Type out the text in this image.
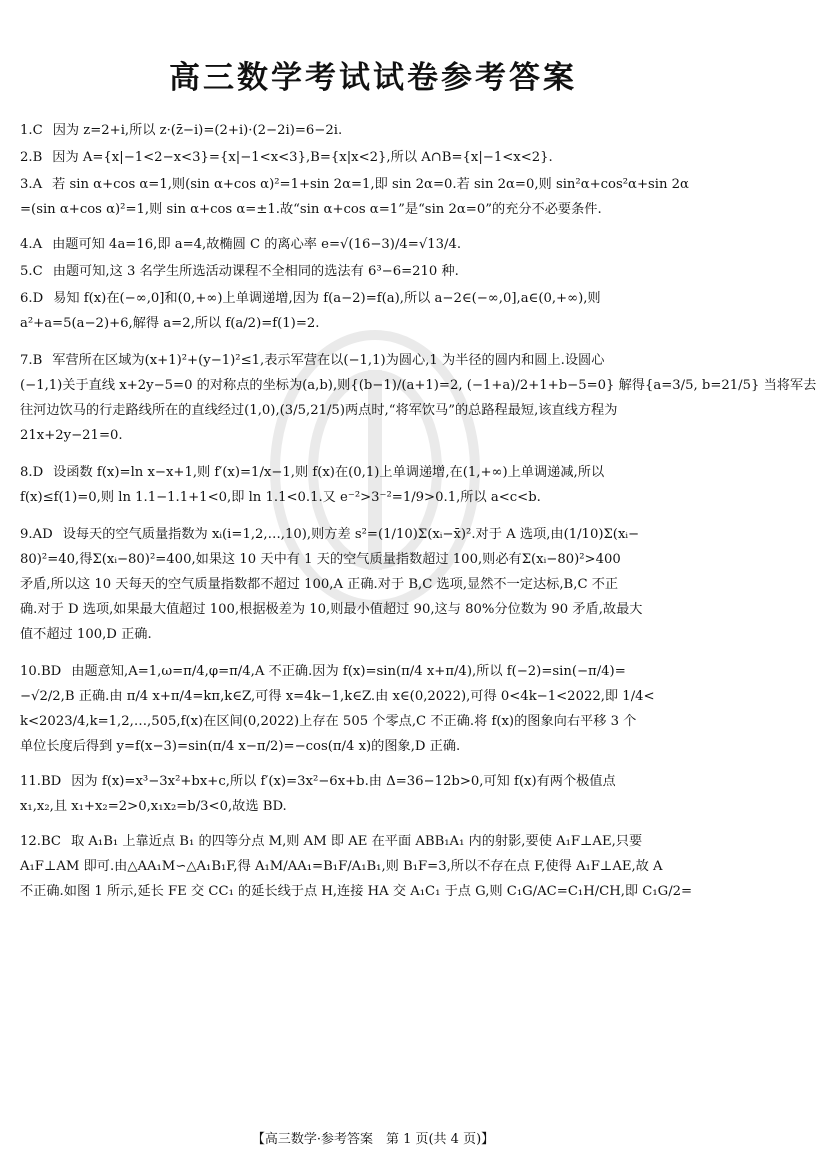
高三数学考试试卷参考答案
1.C 因为 z=2+i,所以 z·(z̄−i)=(2+i)·(2−2i)=6−2i.
2.B 因为 A={x|−1<2−x<3}={x|−1<x<3},B={x|x<2},所以 A∩B={x|−1<x<2}.
3.A 若 sin α+cos α=1,则(sin α+cos α)²=1+sin 2α=1,即 sin 2α=0.若 sin 2α=0,则 sin²α+cos²α+sin 2α
=(sin α+cos α)²=1,则 sin α+cos α=±1.故“sin α+cos α=1”是“sin 2α=0”的充分不必要条件.
4.A 由题可知 4a=16,即 a=4,故椭圆 C 的离心率 e=√(16−3)/4=√13/4.
5.C 由题可知,这 3 名学生所选活动课程不全相同的选法有 6³−6=210 种.
6.D 易知 f(x)在(−∞,0]和(0,+∞)上单调递增,因为 f(a−2)=f(a),所以 a−2∈(−∞,0],a∈(0,+∞),则
a²+a=5(a−2)+6,解得 a=2,所以 f(a/2)=f(1)=2.
7.B 军营所在区域为(x+1)²+(y−1)²≤1,表示军营在以(−1,1)为圆心,1 为半径的圆内和圆上.设圆心
(−1,1)关于直线 x+2y−5=0 的对称点的坐标为(a,b),则{(b−1)/(a+1)=2, (−1+a)/2+1+b−5=0} 解得{a=3/5, b=21/5} 当将军去
往河边饮马的行走路线所在的直线经过(1,0),(3/5,21/5)两点时,“将军饮马”的总路程最短,该直线方程为
21x+2y−21=0.
8.D 设函数 f(x)=ln x−x+1,则 f′(x)=1/x−1,则 f(x)在(0,1)上单调递增,在(1,+∞)上单调递减,所以
f(x)≤f(1)=0,则 ln 1.1−1.1+1<0,即 ln 1.1<0.1.又 e⁻²>3⁻²=1/9>0.1,所以 a<c<b.
9.AD 设每天的空气质量指数为 xᵢ(i=1,2,…,10),则方差 s²=(1/10)Σ(xᵢ−x̄)².对于 A 选项,由(1/10)Σ(xᵢ−
80)²=40,得Σ(xᵢ−80)²=400,如果这 10 天中有 1 天的空气质量指数超过 100,则必有Σ(xᵢ−80)²>400
矛盾,所以这 10 天每天的空气质量指数都不超过 100,A 正确.对于 B,C 选项,显然不一定达标,B,C 不正
确.对于 D 选项,如果最大值超过 100,根据极差为 10,则最小值超过 90,这与 80%分位数为 90 矛盾,故最大
值不超过 100,D 正确.
10.BD 由题意知,A=1,ω=π/4,φ=π/4,A 不正确.因为 f(x)=sin(π/4 x+π/4),所以 f(−2)=sin(−π/4)=
−√2/2,B 正确.由 π/4 x+π/4=kπ,k∈Z,可得 x=4k−1,k∈Z.由 x∈(0,2022),可得 0<4k−1<2022,即 1/4<
k<2023/4,k=1,2,…,505,f(x)在区间(0,2022)上存在 505 个零点,C 不正确.将 f(x)的图象向右平移 3 个
单位长度后得到 y=f(x−3)=sin(π/4 x−π/2)=−cos(π/4 x)的图象,D 正确.
11.BD 因为 f(x)=x³−3x²+bx+c,所以 f′(x)=3x²−6x+b.由 Δ=36−12b>0,可知 f(x)有两个极值点
x₁,x₂,且 x₁+x₂=2>0,x₁x₂=b/3<0,故选 BD.
12.BC 取 A₁B₁ 上靠近点 B₁ 的四等分点 M,则 AM 即 AE 在平面 ABB₁A₁ 内的射影,要使 A₁F⊥AE,只要
A₁F⊥AM 即可.由△AA₁M∽△A₁B₁F,得 A₁M/AA₁=B₁F/A₁B₁,则 B₁F=3,所以不存在点 F,使得 A₁F⊥AE,故 A
不正确.如图 1 所示,延长 FE 交 CC₁ 的延长线于点 H,连接 HA 交 A₁C₁ 于点 G,则 C₁G/AC=C₁H/CH,即 C₁G/2=
【高三数学·参考答案　第 1 页(共 4 页)】
